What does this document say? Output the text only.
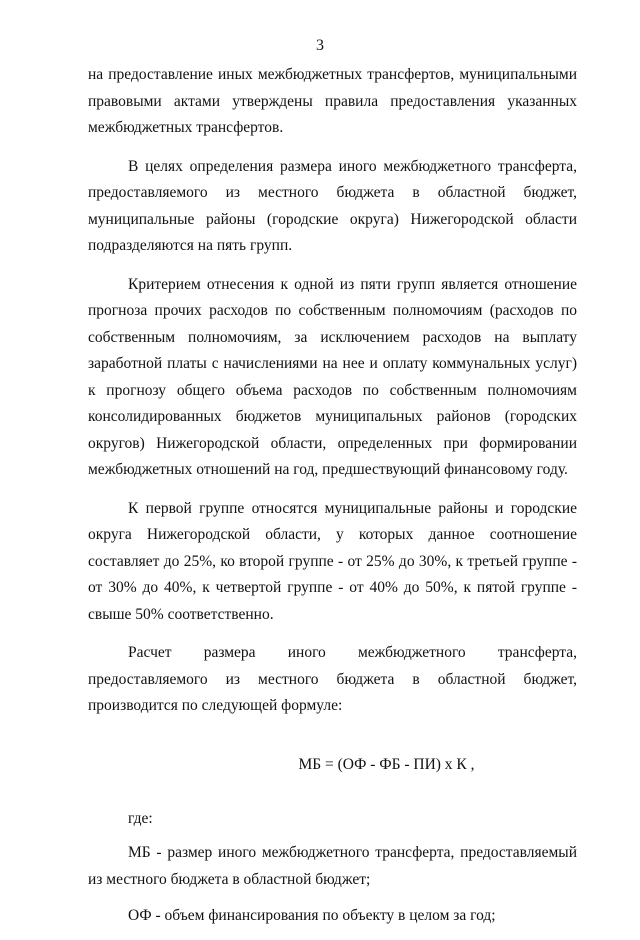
3

на предоставление иных межбюджетных трансфертов, муниципальными правовыми актами утверждены правила предоставления указанных межбюджетных трансфертов.

В целях определения размера иного межбюджетного трансферта, предоставляемого из местного бюджета в областной бюджет, муниципальные районы (городские округа) Нижегородской области подразделяются на пять групп.

Критерием отнесения к одной из пяти групп является отношение прогноза прочих расходов по собственным полномочиям (расходов по собственным полномочиям, за исключением расходов на выплату заработной платы с начислениями на нее и оплату коммунальных услуг) к прогнозу общего объема расходов по собственным полномочиям консолидированных бюджетов муниципальных районов (городских округов) Нижегородской области, определенных при формировании межбюджетных отношений на год, предшествующий финансовому году.

К первой группе относятся муниципальные районы и городские округа Нижегородской области, у которых данное соотношение составляет до 25%, ко второй группе - от 25% до 30%, к третьей группе - от 30% до 40%, к четвертой группе - от 40% до 50%, к пятой группе - свыше 50% соответственно.

Расчет размера иного межбюджетного трансферта, предоставляемого из местного бюджета в областной бюджет, производится по следующей формуле:

МБ = (ОФ - ФБ - ПИ) х К ,

где:

МБ - размер иного межбюджетного трансферта, предоставляемый из местного бюджета в областной бюджет;

ОФ - объем финансирования по объекту в целом за год;
